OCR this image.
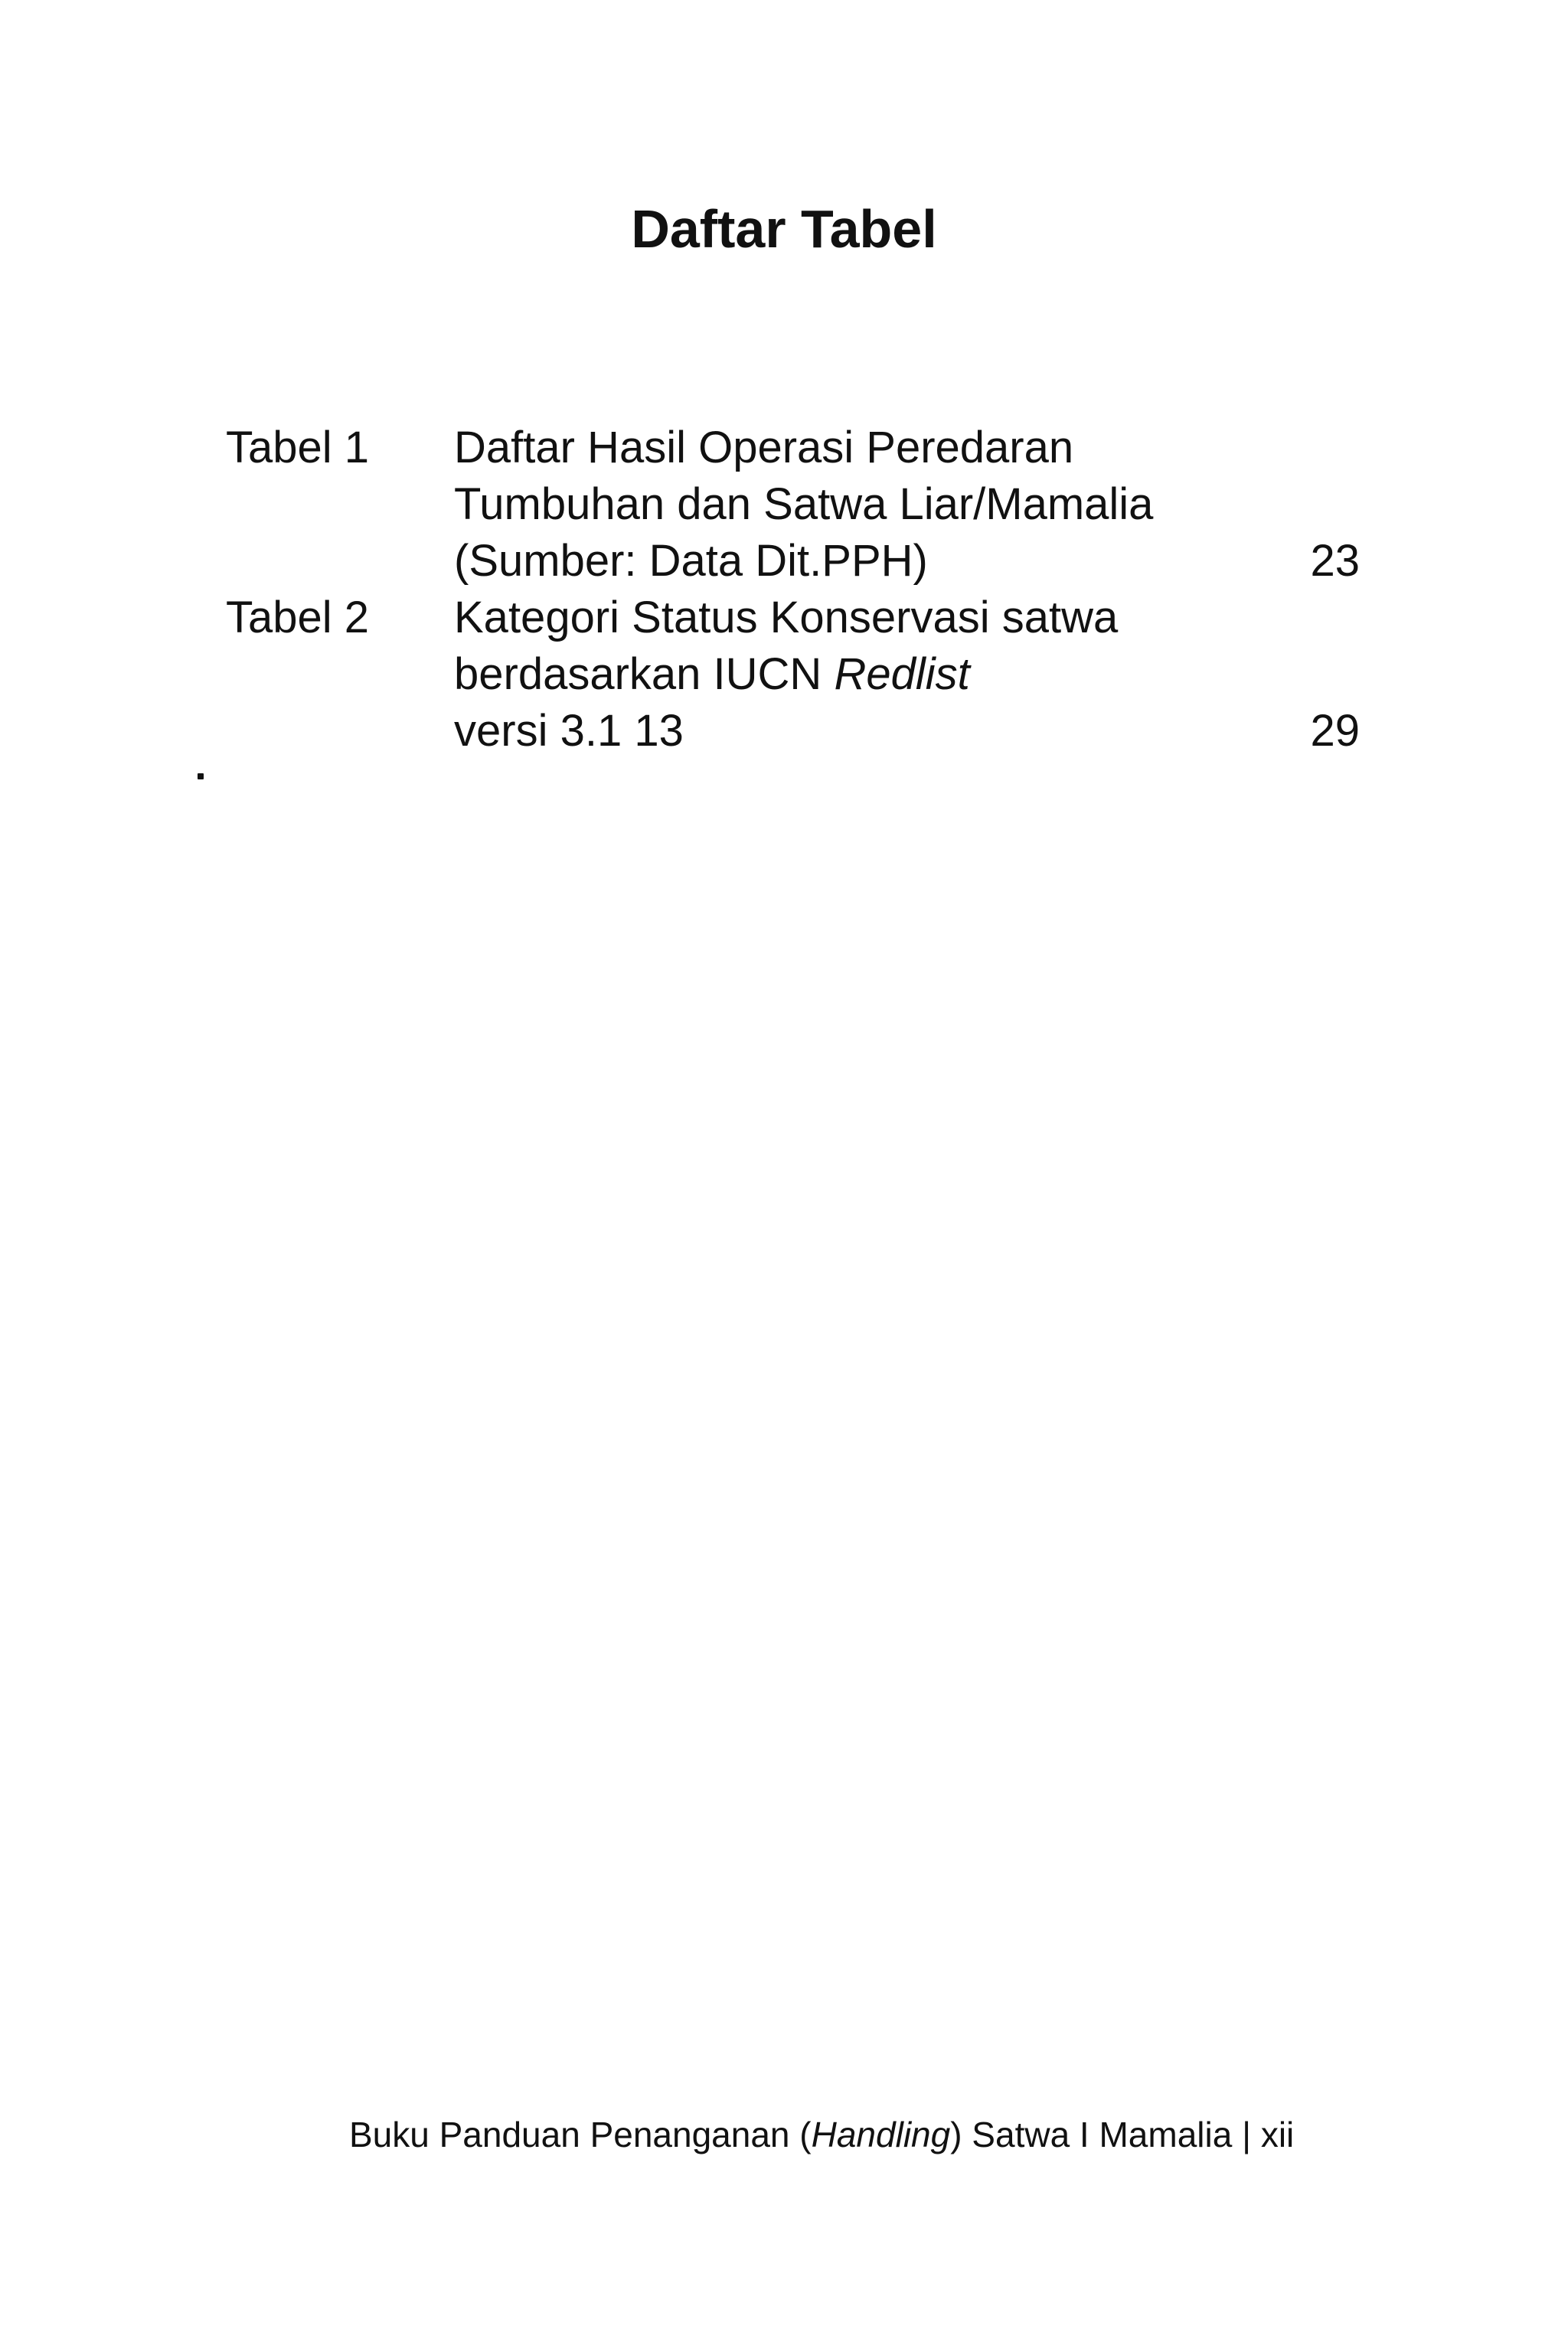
Daftar Tabel
Tabel 1 Daftar Hasil Operasi Peredaran
Tumbuhan dan Satwa Liar/Mamalia
(Sumber: Data Dit.PPH)	23
Tabel 2 Kategori Status Konservasi satwa
berdasarkan IUCN Redlist
versi 3.1 13	29
Buku Panduan Penanganan (Handling) Satwa I Mamalia | xii
